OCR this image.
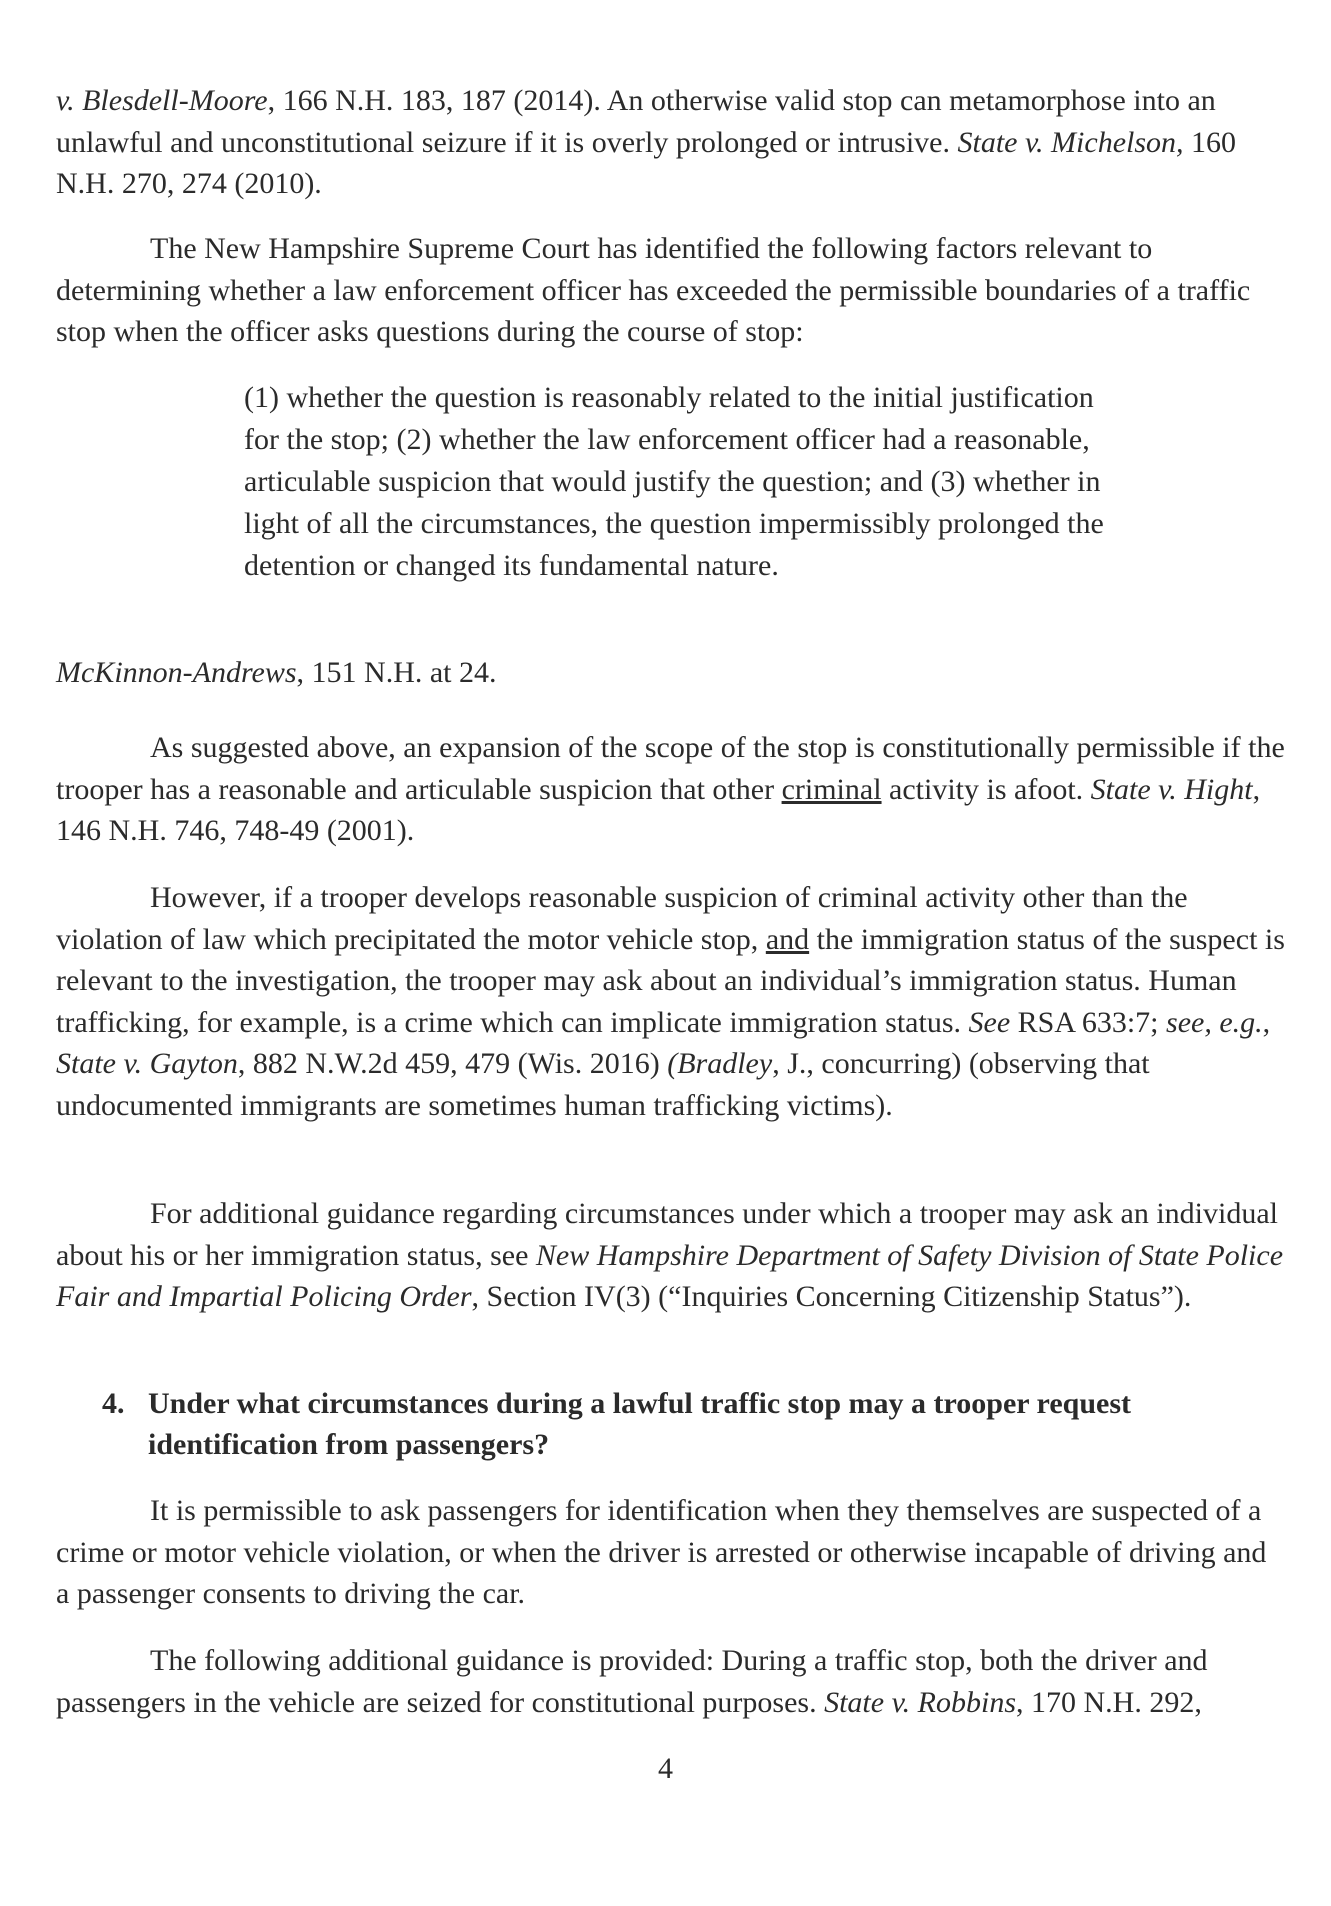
v. Blesdell-Moore, 166 N.H. 183, 187 (2014). An otherwise valid stop can metamorphose into an unlawful and unconstitutional seizure if it is overly prolonged or intrusive. State v. Michelson, 160 N.H. 270, 274 (2010).

The New Hampshire Supreme Court has identified the following factors relevant to determining whether a law enforcement officer has exceeded the permissible boundaries of a traffic stop when the officer asks questions during the course of stop:

(1) whether the question is reasonably related to the initial justification for the stop; (2) whether the law enforcement officer had a reasonable, articulable suspicion that would justify the question; and (3) whether in light of all the circumstances, the question impermissibly prolonged the detention or changed its fundamental nature.

McKinnon-Andrews, 151 N.H. at 24.

As suggested above, an expansion of the scope of the stop is constitutionally permissible if the trooper has a reasonable and articulable suspicion that other criminal activity is afoot. State v. Hight, 146 N.H. 746, 748-49 (2001).

However, if a trooper develops reasonable suspicion of criminal activity other than the violation of law which precipitated the motor vehicle stop, and the immigration status of the suspect is relevant to the investigation, the trooper may ask about an individual’s immigration status. Human trafficking, for example, is a crime which can implicate immigration status. See RSA 633:7; see, e.g., State v. Gayton, 882 N.W.2d 459, 479 (Wis. 2016) (Bradley, J., concurring) (observing that undocumented immigrants are sometimes human trafficking victims).

For additional guidance regarding circumstances under which a trooper may ask an individual about his or her immigration status, see New Hampshire Department of Safety Division of State Police Fair and Impartial Policing Order, Section IV(3) (“Inquiries Concerning Citizenship Status”).

4. Under what circumstances during a lawful traffic stop may a trooper request identification from passengers?

It is permissible to ask passengers for identification when they themselves are suspected of a crime or motor vehicle violation, or when the driver is arrested or otherwise incapable of driving and a passenger consents to driving the car.

The following additional guidance is provided: During a traffic stop, both the driver and passengers in the vehicle are seized for constitutional purposes. State v. Robbins, 170 N.H. 292,

4
